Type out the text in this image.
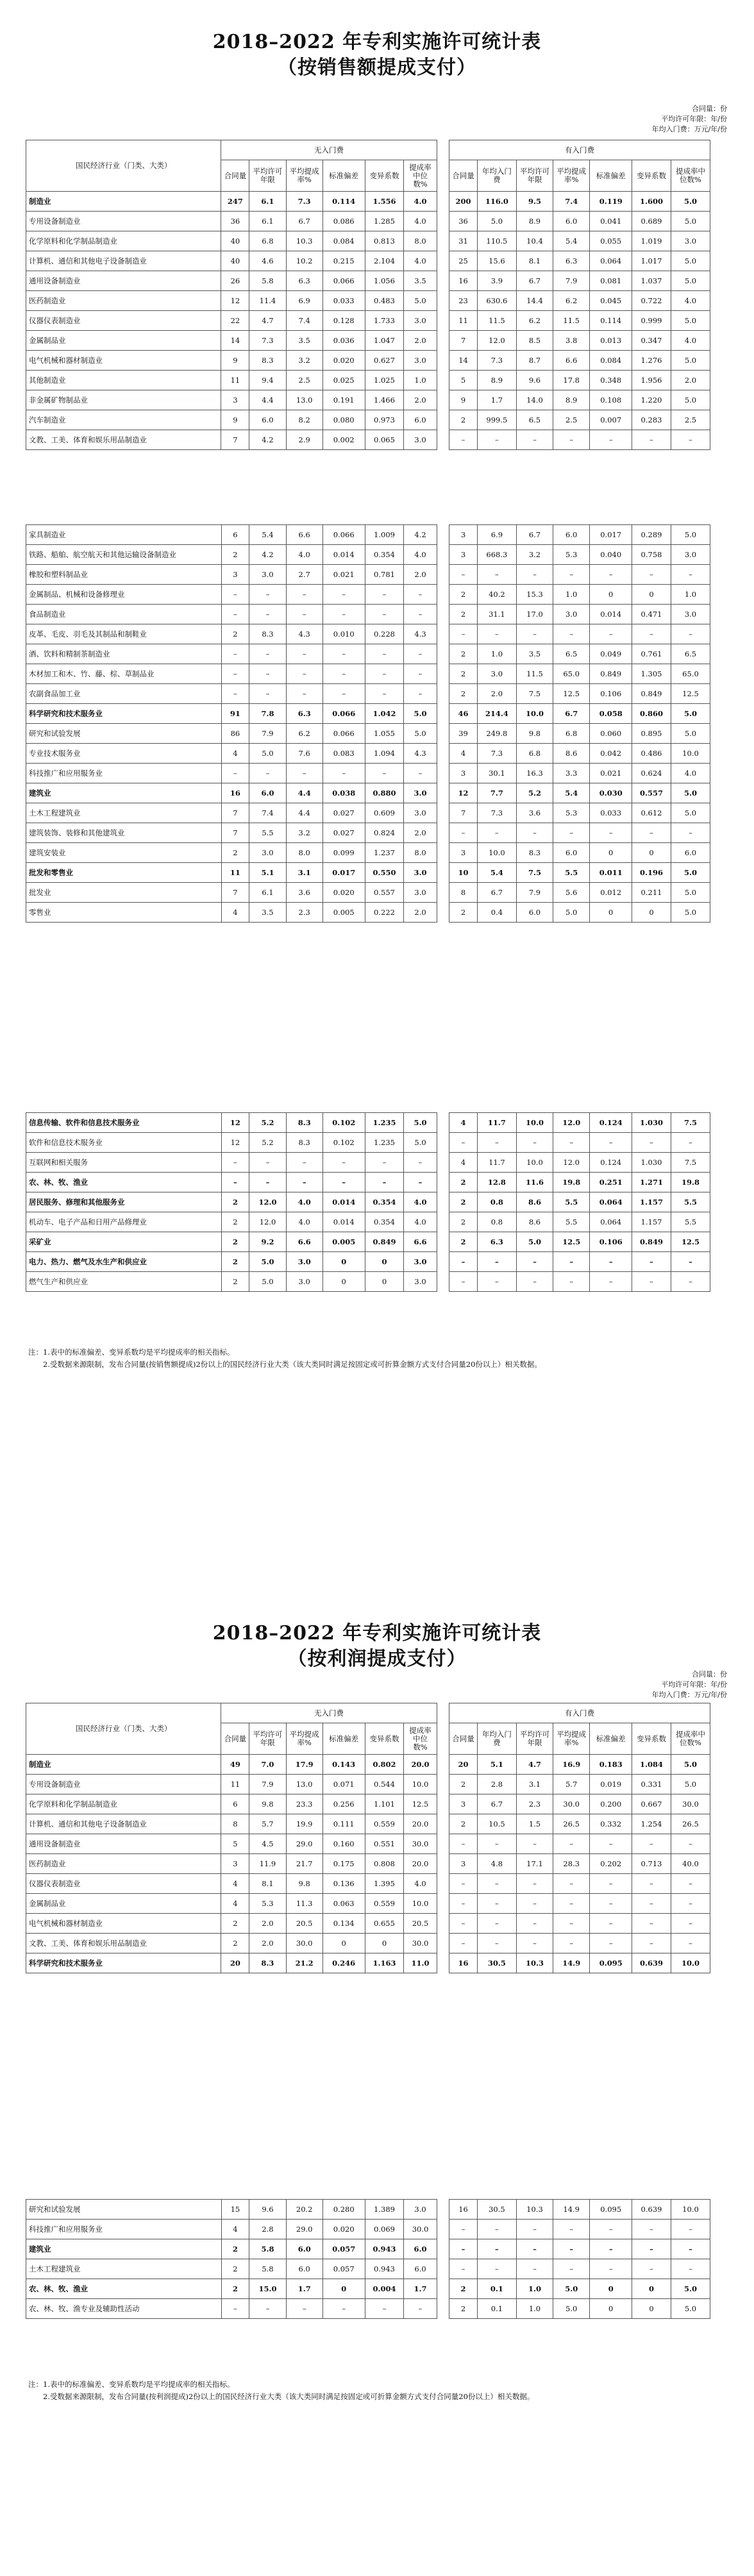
2018–2022 年专利实施许可统计表
（按销售额提成支付）
合同量：份
平均许可年限：年/份
年均入门费：万元/年/份
国民经济行业（门类、大类）	无入门费							有入门费						
	合同量	平均许可年限	平均提成率%	标准偏差	变异系数	提成率中位数%		合同量	年均入门费	平均许可年限	平均提成率%	标准偏差	变异系数	提成率中位数%
制造业	247	6.1	7.3	0.114	1.556	4.0		200	116.0	9.5	7.4	0.119	1.600	5.0
专用设备制造业	36	6.1	6.7	0.086	1.285	4.0		36	5.0	8.9	6.0	0.041	0.689	5.0
化学原料和化学制品制造业	40	6.8	10.3	0.084	0.813	8.0		31	110.5	10.4	5.4	0.055	1.019	3.0
计算机、通信和其他电子设备制造业	40	4.6	10.2	0.215	2.104	4.0		25	15.6	8.1	6.3	0.064	1.017	5.0
通用设备制造业	26	5.8	6.3	0.066	1.056	3.5		16	3.9	6.7	7.9	0.081	1.037	5.0
医药制造业	12	11.4	6.9	0.033	0.483	5.0		23	630.6	14.4	6.2	0.045	0.722	4.0
仪器仪表制造业	22	4.7	7.4	0.128	1.733	3.0		11	11.5	6.2	11.5	0.114	0.999	5.0
金属制品业	14	7.3	3.5	0.036	1.047	2.0		7	12.0	8.5	3.8	0.013	0.347	4.0
电气机械和器材制造业	9	8.3	3.2	0.020	0.627	3.0		14	7.3	8.7	6.6	0.084	1.276	5.0
其他制造业	11	9.4	2.5	0.025	1.025	1.0		5	8.9	9.6	17.8	0.348	1.956	2.0
非金属矿物制品业	3	4.4	13.0	0.191	1.466	2.0		9	1.7	14.0	8.9	0.108	1.220	5.0
汽车制造业	9	6.0	8.2	0.080	0.973	6.0		2	999.5	6.5	2.5	0.007	0.283	2.5
文教、工美、体育和娱乐用品制造业	7	4.2	2.9	0.002	0.065	3.0		–	–	–	–	–	–	–
家具制造业	6	5.4	6.6	0.066	1.009	4.2		3	6.9	6.7	6.0	0.017	0.289	5.0
铁路、船舶、航空航天和其他运输设备制造业	2	4.2	4.0	0.014	0.354	4.0		3	668.3	3.2	5.3	0.040	0.758	3.0
橡胶和塑料制品业	3	3.0	2.7	0.021	0.781	2.0		–	–	–	–	–	–	–
金属制品、机械和设备修理业	–	–	–	–	–	–		2	40.2	15.3	1.0	0	0	1.0
食品制造业	–	–	–	–	–	–		2	31.1	17.0	3.0	0.014	0.471	3.0
皮革、毛皮、羽毛及其制品和制鞋业	2	8.3	4.3	0.010	0.228	4.3		–	–	–	–	–	–	–
酒、饮料和精制茶制造业	–	–	–	–	–	–		2	1.0	3.5	6.5	0.049	0.761	6.5
木材加工和木、竹、藤、棕、草制品业	–	–	–	–	–	–		2	3.0	11.5	65.0	0.849	1.305	65.0
农副食品加工业	–	–	–	–	–	–		2	2.0	7.5	12.5	0.106	0.849	12.5
科学研究和技术服务业	91	7.8	6.3	0.066	1.042	5.0		46	214.4	10.0	6.7	0.058	0.860	5.0
研究和试验发展	86	7.9	6.2	0.066	1.055	5.0		39	249.8	9.8	6.8	0.060	0.895	5.0
专业技术服务业	4	5.0	7.6	0.083	1.094	4.3		4	7.3	6.8	8.6	0.042	0.486	10.0
科技推广和应用服务业	–	–	–	–	–	–		3	30.1	16.3	3.3	0.021	0.624	4.0
建筑业	16	6.0	4.4	0.038	0.880	3.0		12	7.7	5.2	5.4	0.030	0.557	5.0
土木工程建筑业	7	7.4	4.4	0.027	0.609	3.0		7	7.3	3.6	5.3	0.033	0.612	5.0
建筑装饰、装修和其他建筑业	7	5.5	3.2	0.027	0.824	2.0		–	–	–	–	–	–	–
建筑安装业	2	3.0	8.0	0.099	1.237	8.0		3	10.0	8.3	6.0	0	0	6.0
批发和零售业	11	5.1	3.1	0.017	0.550	3.0		10	5.4	7.5	5.5	0.011	0.196	5.0
批发业	7	6.1	3.6	0.020	0.557	3.0		8	6.7	7.9	5.6	0.012	0.211	5.0
零售业	4	3.5	2.3	0.005	0.222	2.0		2	0.4	6.0	5.0	0	0	5.0
信息传输、软件和信息技术服务业	12	5.2	8.3	0.102	1.235	5.0		4	11.7	10.0	12.0	0.124	1.030	7.5
软件和信息技术服务业	12	5.2	8.3	0.102	1.235	5.0		–	–	–	–	–	–	–
互联网和相关服务	–	–	–	–	–	–		4	11.7	10.0	12.0	0.124	1.030	7.5
农、林、牧、渔业	–	–	–	–	–	–		2	12.8	11.6	19.8	0.251	1.271	19.8
居民服务、修理和其他服务业	2	12.0	4.0	0.014	0.354	4.0		2	0.8	8.6	5.5	0.064	1.157	5.5
机动车、电子产品和日用产品修理业	2	12.0	4.0	0.014	0.354	4.0		2	0.8	8.6	5.5	0.064	1.157	5.5
采矿业	2	9.2	6.6	0.005	0.849	6.6		2	6.3	5.0	12.5	0.106	0.849	12.5
电力、热力、燃气及水生产和供应业	2	5.0	3.0	0	0	3.0		–	–	–	–	–	–	–
燃气生产和供应业	2	5.0	3.0	0	0	3.0		–	–	–	–	–	–	–
注：1.表中的标准偏差、变异系数均是平均提成率的相关指标。
　　2.受数据来源限制，发布合同量(按销售额提成)2份以上的国民经济行业大类（该大类同时满足按固定或可折算金额方式支付合同量20份以上）相关数据。
2018–2022 年专利实施许可统计表
（按利润提成支付）
合同量：份
平均许可年限：年/份
年均入门费：万元/年/份
国民经济行业（门类、大类）	无入门费							有入门费						
	合同量	平均许可年限	平均提成率%	标准偏差	变异系数	提成率中位数%		合同量	年均入门费	平均许可年限	平均提成率%	标准偏差	变异系数	提成率中位数%
制造业	49	7.0	17.9	0.143	0.802	20.0		20	5.1	4.7	16.9	0.183	1.084	5.0
专用设备制造业	11	7.9	13.0	0.071	0.544	10.0		2	2.8	3.1	5.7	0.019	0.331	5.0
化学原料和化学制品制造业	6	9.8	23.3	0.256	1.101	12.5		3	6.7	2.3	30.0	0.200	0.667	30.0
计算机、通信和其他电子设备制造业	8	5.7	19.9	0.111	0.559	20.0		2	10.5	1.5	26.5	0.332	1.254	26.5
通用设备制造业	5	4.5	29.0	0.160	0.551	30.0		–	–	–	–	–	–	–
医药制造业	3	11.9	21.7	0.175	0.808	20.0		3	4.8	17.1	28.3	0.202	0.713	40.0
仪器仪表制造业	4	8.1	9.8	0.136	1.395	4.0		–	–	–	–	–	–	–
金属制品业	4	5.3	11.3	0.063	0.559	10.0		–	–	–	–	–	–	–
电气机械和器材制造业	2	2.0	20.5	0.134	0.655	20.5		–	–	–	–	–	–	–
文教、工美、体育和娱乐用品制造业	2	2.0	30.0	0	0	30.0		–	–	–	–	–	–	–
科学研究和技术服务业	20	8.3	21.2	0.246	1.163	11.0		16	30.5	10.3	14.9	0.095	0.639	10.0
研究和试验发展	15	9.6	20.2	0.280	1.389	3.0		16	30.5	10.3	14.9	0.095	0.639	10.0
科技推广和应用服务业	4	2.8	29.0	0.020	0.069	30.0		–	–	–	–	–	–	–
建筑业	2	5.8	6.0	0.057	0.943	6.0		–	–	–	–	–	–	–
土木工程建筑业	2	5.8	6.0	0.057	0.943	6.0		–	–	–	–	–	–	–
农、林、牧、渔业	2	15.0	1.7	0	0.004	1.7		2	0.1	1.0	5.0	0	0	5.0
农、林、牧、渔专业及辅助性活动	–	–	–	–	–	–		2	0.1	1.0	5.0	0	0	5.0
注：1.表中的标准偏差、变异系数均是平均提成率的相关指标。
　　2.受数据来源限制，发布合同量(按利润提成)2份以上的国民经济行业大类（该大类同时满足按固定或可折算金额方式支付合同量20份以上）相关数据。
